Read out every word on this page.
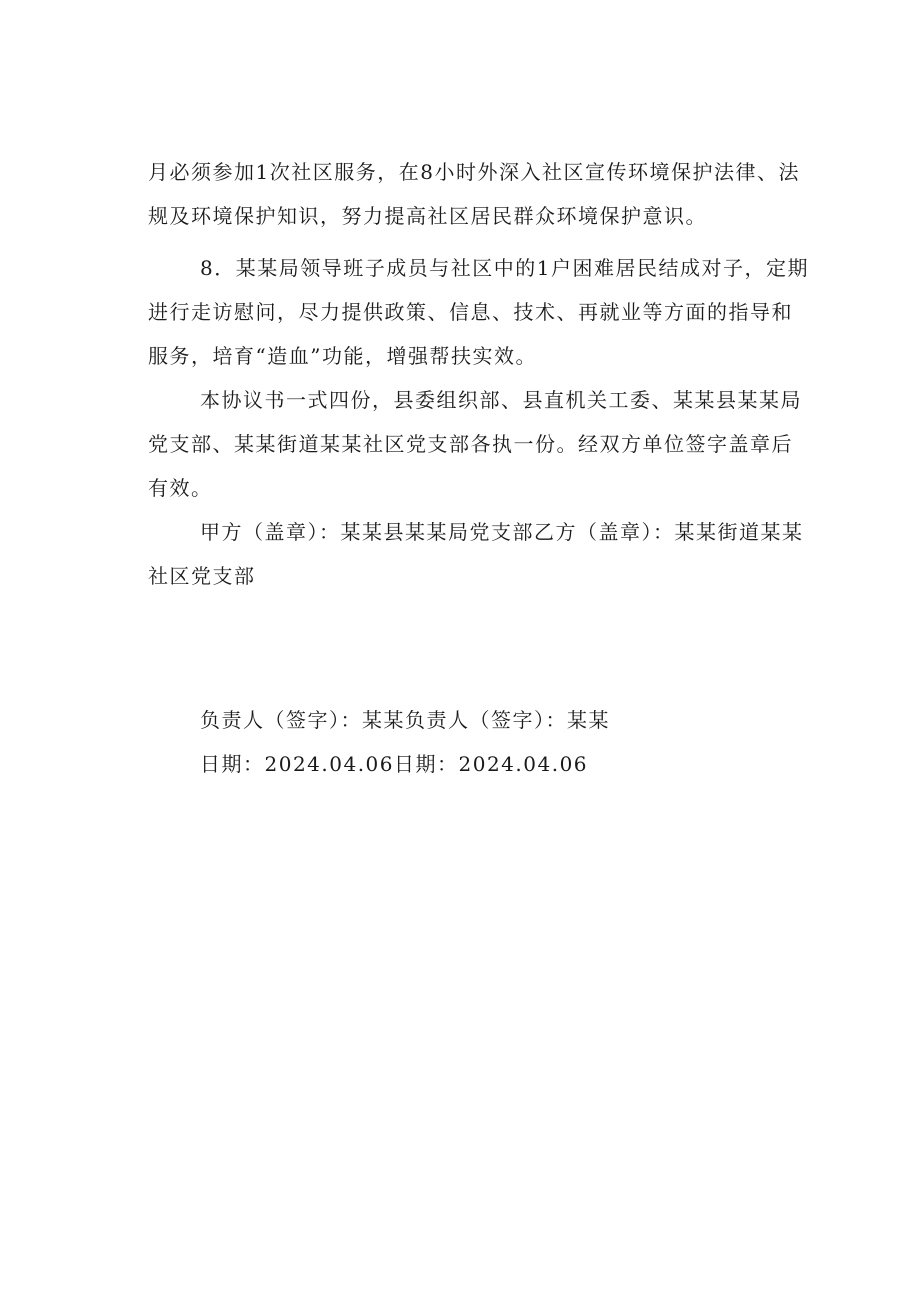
月必须参加1次社区服务，在8小时外深入社区宣传环境保护法律、法规及环境保护知识，努力提高社区居民群众环境保护意识。

8．某某局领导班子成员与社区中的1户困难居民结成对子，定期进行走访慰问，尽力提供政策、信息、技术、再就业等方面的指导和服务，培育“造血”功能，增强帮扶实效。

本协议书一式四份，县委组织部、县直机关工委、某某县某某局党支部、某某街道某某社区党支部各执一份。经双方单位签字盖章后有效。

甲方（盖章）：某某县某某局党支部乙方（盖章）：某某街道某某社区党支部

负责人（签字）：某某负责人（签字）：某某

日期：2024.04.06日期：2024.04.06
